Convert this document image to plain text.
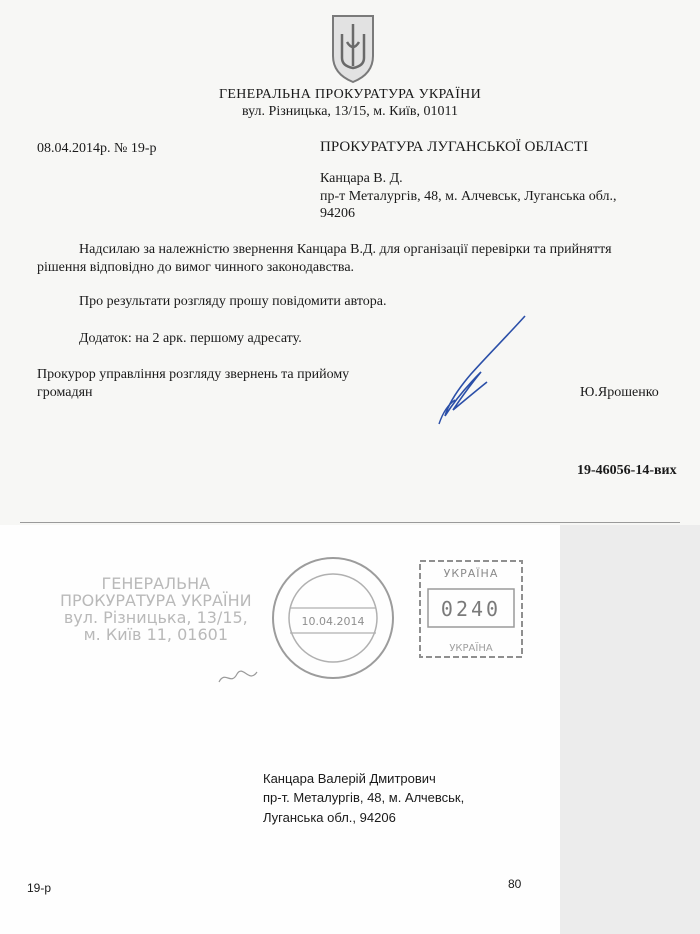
ГЕНЕРАЛЬНА ПРОКУРАТУРА УКРАЇНИ
вул. Різницька, 13/15, м. Київ, 01011
08.04.2014р. № 19-р	ПРОКУРАТУРА ЛУГАНСЬКОЇ ОБЛАСТІ
Канцара В. Д.
пр-т Металургів, 48, м. Алчевськ, Луганська обл.,
94206
Надсилаю за належністю звернення Канцара В.Д. для організації перевірки та прийняття
рішення відповідно до вимог чинного законодавства.
Про результати розгляду прошу повідомити автора.
Додаток: на 2 арк. першому адресату.
Прокурор управління розгляду звернень та прийому
громадян	Ю.Ярошенко
19-46056-14-вих
ГЕНЕРАЛЬНА
ПРОКУРАТУРА УКРАЇНИ
вул. Різницька, 13/15,
м. Київ 11, 01601
10.04.2014
УКРАЇНА
0240
УКРАЇНА
Канцара Валерій Дмитрович
пр-т. Металургів, 48, м. Алчевськ,
Луганська обл., 94206
19-р	80
